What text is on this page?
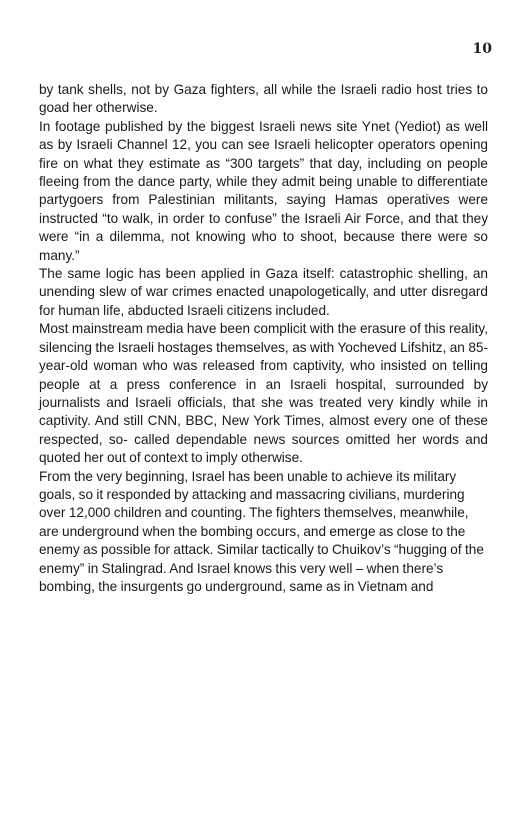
10

by tank shells, not by Gaza fighters, all while the Israeli radio host tries to goad her otherwise.

In footage published by the biggest Israeli news site Ynet (Yediot) as well as by Israeli Channel 12, you can see Israeli helicopter operators opening fire on what they estimate as “300 targets” that day, including on people fleeing from the dance party, while they admit being unable to differentiate partygoers from Palestinian militants, saying Hamas operatives were instructed “to walk, in order to confuse” the Israeli Air Force, and that they were “in a dilemma, not knowing who to shoot, because there were so many.”

The same logic has been applied in Gaza itself: catastrophic shelling, an unending slew of war crimes enacted unapologetically, and utter disregard for human life, abducted Israeli citizens included.

Most mainstream media have been complicit with the erasure of this reality, silencing the Israeli hostages themselves, as with Yocheved Lifshitz, an 85-year-old woman who was released from captivity, who insisted on telling people at a press conference in an Israeli hospital, surrounded by journalists and Israeli officials, that she was treated very kindly while in captivity. And still CNN, BBC, New York Times, almost every one of these respected, so- called dependable news sources omitted her words and quoted her out of context to imply otherwise.

From the very beginning, Israel has been unable to achieve its military goals, so it responded by attacking and massacring civilians, murdering over 12,000 children and counting. The fighters themselves, meanwhile, are underground when the bombing occurs, and emerge as close to the enemy as possible for attack. Similar tactically to Chuikov’s “hugging of the enemy” in Stalingrad. And Israel knows this very well – when there’s bombing, the insurgents go underground, same as in Vietnam and
